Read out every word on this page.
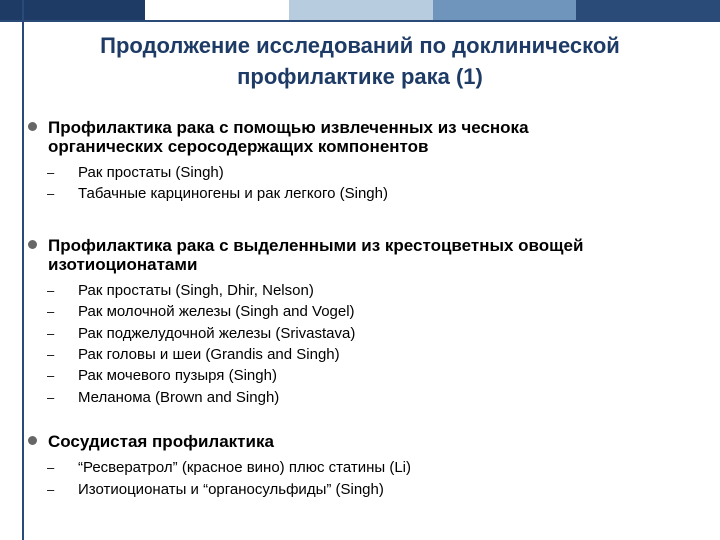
Продолжение исследований по доклинической
профилактике рака (1)
Профилактика рака с помощью извлеченных из чеснока
органических серосодержащих компонентов
– Рак простаты (Singh)
– Табачные карциногены и рак легкого (Singh)
Профилактика рака с выделенными из крестоцветных овощей
изотиоционатами
– Рак простаты (Singh, Dhir, Nelson)
– Рак молочной железы (Singh and Vogel)
– Рак поджелудочной железы (Srivastava)
– Рак головы и шеи (Grandis and Singh)
– Рак мочевого пузыря (Singh)
– Меланома (Brown and Singh)
Сосудистая профилактика
– “Ресвератрол” (красное вино) плюс статины (Li)
– Изотиоционаты и “органосульфиды” (Singh)
